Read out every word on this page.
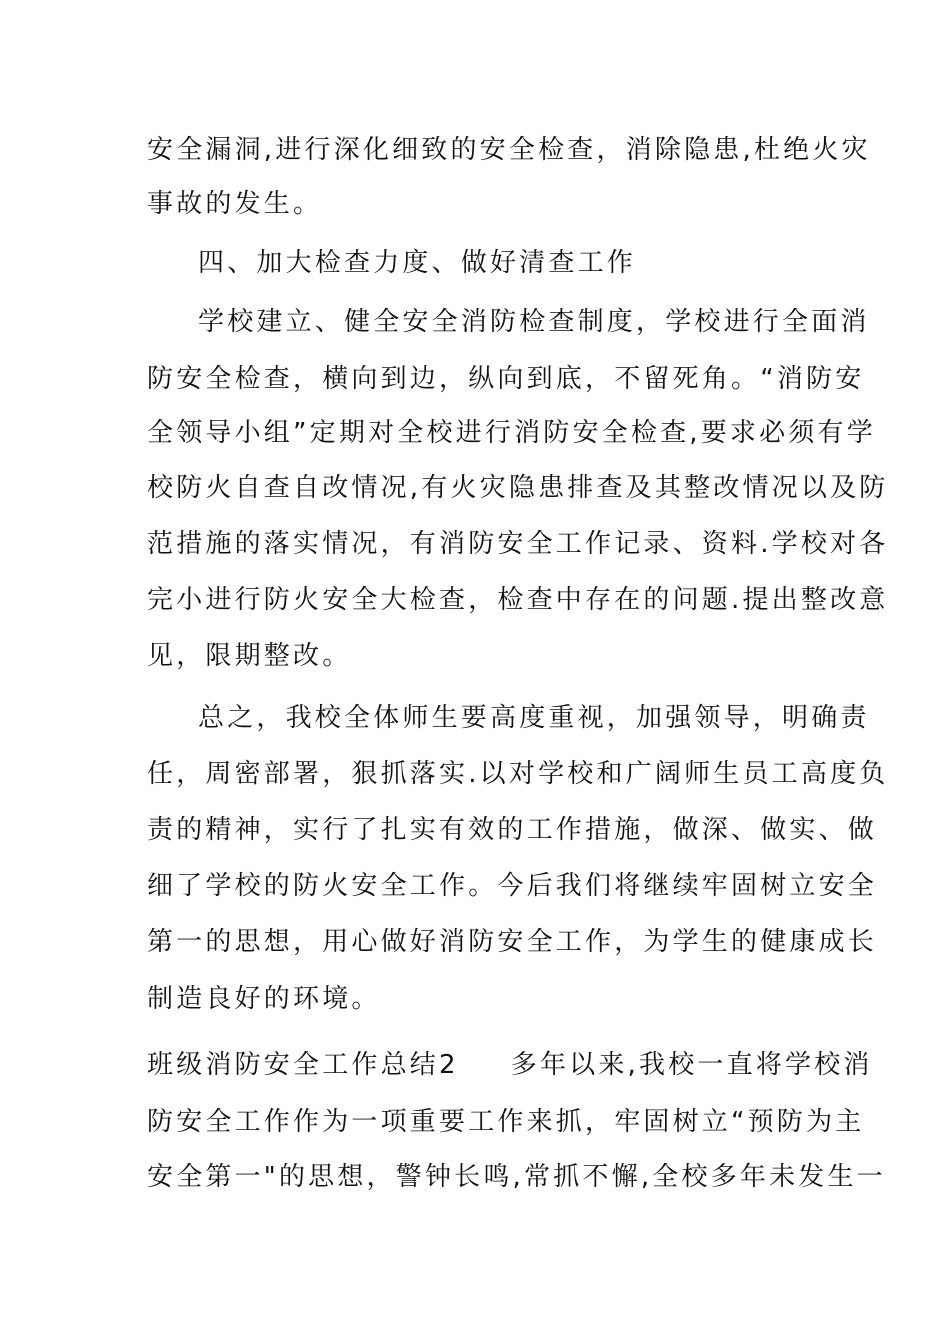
安全漏洞,进行深化细致的安全检查，消除隐患,杜绝火灾
事故的发生。
四、加大检查力度、做好清查工作
学校建立、健全安全消防检查制度，学校进行全面消
防安全检查，横向到边，纵向到底，不留死角。“消防安
全领导小组”定期对全校进行消防安全检查,要求必须有学
校防火自查自改情况,有火灾隐患排查及其整改情况以及防
范措施的落实情况，有消防安全工作记录、资料.学校对各
完小进行防火安全大检查，检查中存在的问题.提出整改意
见，限期整改。
总之，我校全体师生要高度重视，加强领导，明确责
任，周密部署，狠抓落实.以对学校和广阔师生员工高度负
责的精神，实行了扎实有效的工作措施，做深、做实、做
细了学校的防火安全工作。今后我们将继续牢固树立安全
第一的思想，用心做好消防安全工作，为学生的健康成长
制造良好的环境。
班级消防安全工作总结2 多年以来,我校一直将学校消
防安全工作作为一项重要工作来抓，牢固树立“预防为主
安全第一"的思想，警钟长鸣,常抓不懈,全校多年未发生一
